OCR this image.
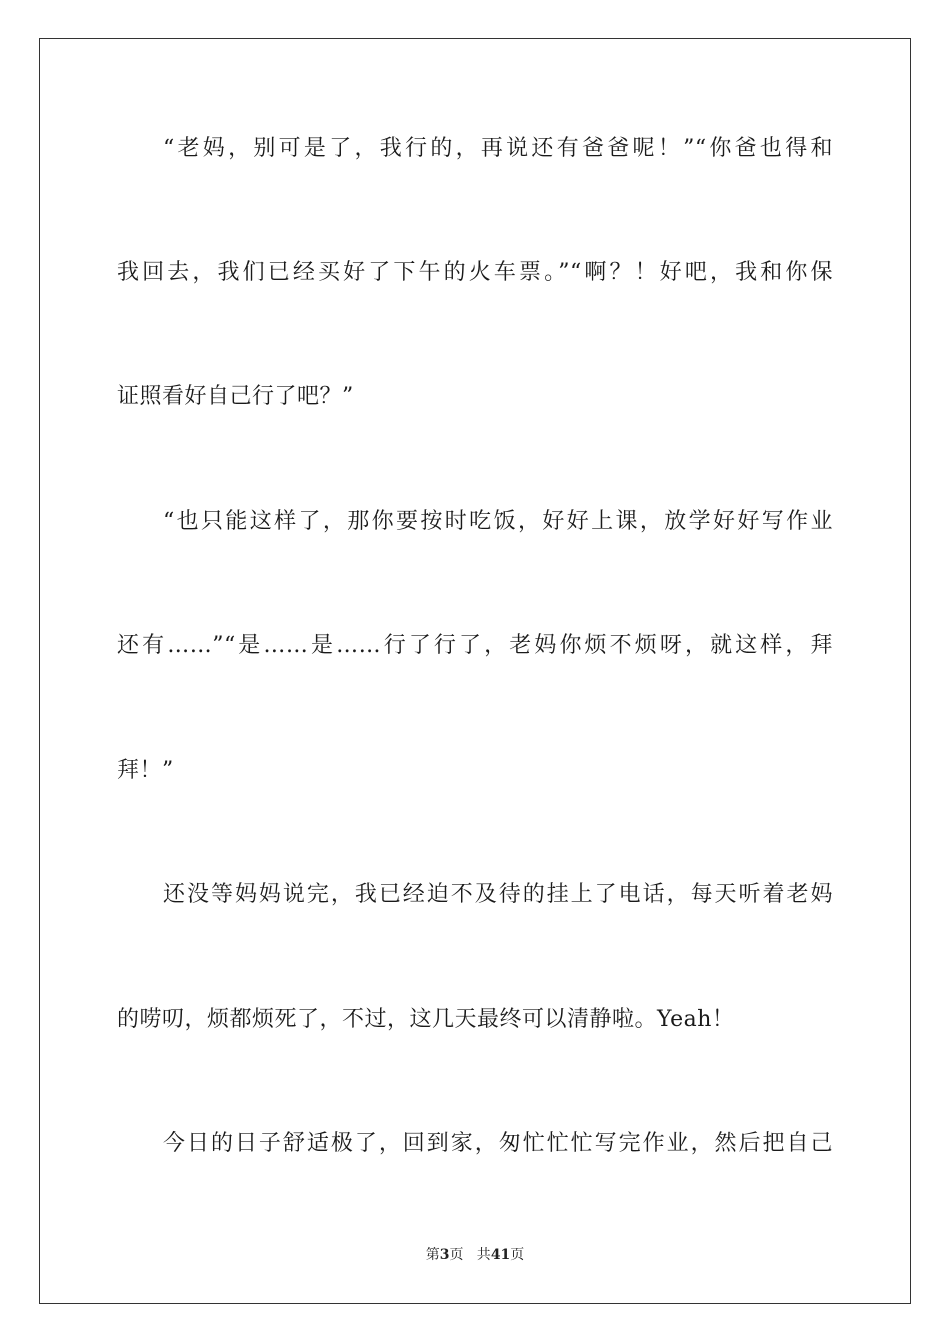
“老妈，别可是了，我行的，再说还有爸爸呢！”“你爸也得和
我回去，我们已经买好了下午的火车票。”“啊？！好吧，我和你保
证照看好自己行了吧？”
“也只能这样了，那你要按时吃饭，好好上课，放学好好写作业
还有……”“是……是……行了行了，老妈你烦不烦呀，就这样，拜
拜！”
还没等妈妈说完，我已经迫不及待的挂上了电话，每天听着老妈
的唠叨，烦都烦死了，不过，这几天最终可以清静啦。Yeah！
今日的日子舒适极了，回到家，匆忙忙忙写完作业，然后把自己
第3页   共41页
